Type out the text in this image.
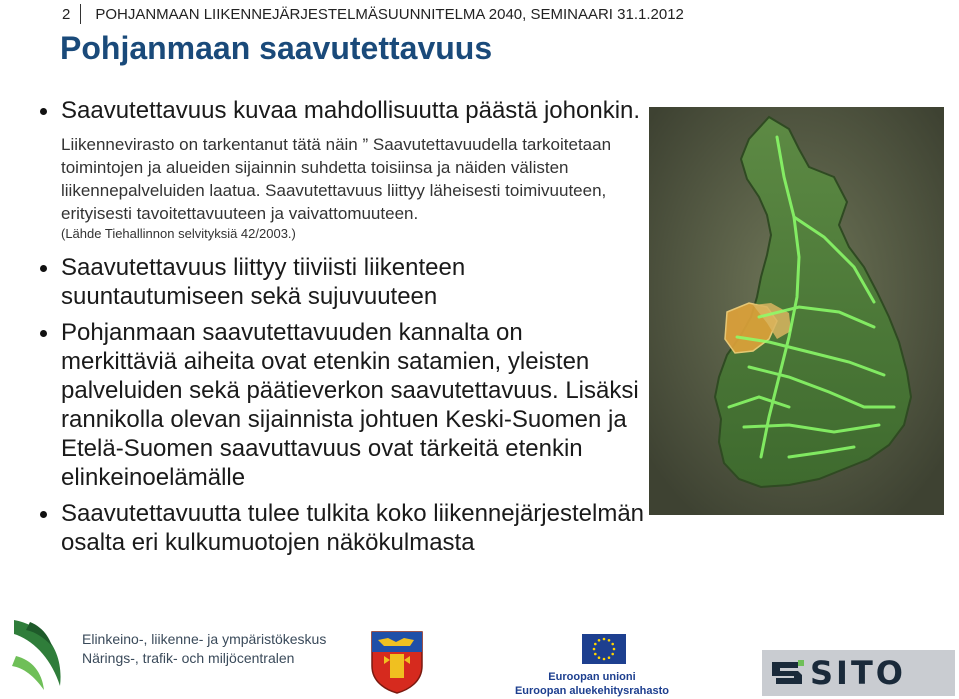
2	POHJANMAAN LIIKENNEJÄRJESTELMÄSUUNNITELMA 2040, SEMINAARI 31.1.2012
Pohjanmaan saavutettavuus
Saavutettavuus kuvaa mahdollisuutta päästä johonkin.
Liikennevirasto on tarkentanut tätä näin ” Saavutettavuudella tarkoitetaan toimintojen ja alueiden sijainnin suhdetta toisiinsa ja näiden välisten liikennepalveluiden laatua. Saavutettavuus liittyy läheisesti toimivuuteen, erityisesti tavoitettavuuteen ja vaivattomuuteen.
(Lähde Tiehallinnon selvityksiä 42/2003.)
Saavutettavuus liittyy tiiviisti liikenteen suuntautumiseen sekä sujuvuuteen
Pohjanmaan saavutettavuuden kannalta on merkittäviä aiheita ovat etenkin satamien, yleisten palveluiden sekä päätieverkon saavutettavuus. Lisäksi rannikolla olevan sijainnista johtuen Keski-Suomen ja Etelä-Suomen saavuttavuus ovat tärkeitä etenkin elinkeinoelämälle
Saavutettavuutta tulee tulkita koko liikennejärjestelmän osalta eri kulkumuotojen näkökulmasta
Elinkeino-, liikenne- ja ympäristökeskus
Närings-, trafik- och miljöcentralen
Euroopan unioni
Euroopan aluekehitysrahasto	SITO
